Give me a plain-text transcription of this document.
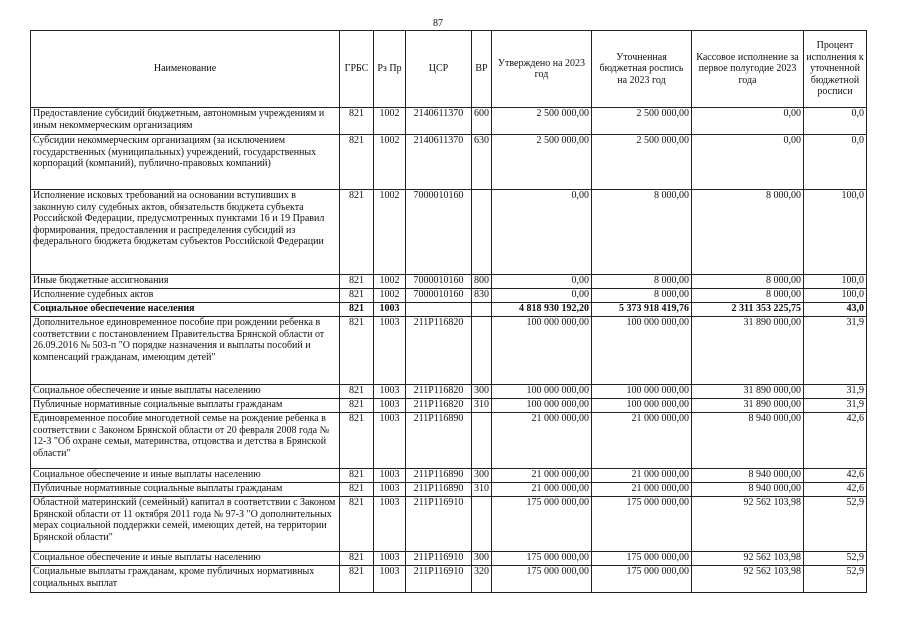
87
Наименование	ГРБС	Рз Пр	ЦСР	ВР	Утверждено на 2023 год	Уточненная бюджетная роспись на 2023 год	Кассовое исполнение за первое полугодие 2023 года	Процент исполнения к уточненной бюджетной росписи
Предоставление субсидий бюджетным, автономным учреждениям и иным некоммерческим организациям	821	1002	2140611370	600	2 500 000,00	2 500 000,00	0,00	0,0
Субсидии некоммерческим организациям (за исключением государственных (муниципальных) учреждений, государственных корпораций (компаний), публично-правовых компаний)	821	1002	2140611370	630	2 500 000,00	2 500 000,00	0,00	0,0
Исполнение исковых требований на основании вступивших в законную силу судебных актов, обязательств бюджета субъекта Российской Федерации, предусмотренных пунктами 16 и 19 Правил формирования, предоставления и распределения субсидий из федерального бюджета бюджетам субъектов Российской Федерации	821	1002	7000010160		0,00	8 000,00	8 000,00	100,0
Иные бюджетные ассигнования	821	1002	7000010160	800	0,00	8 000,00	8 000,00	100,0
Исполнение судебных актов	821	1002	7000010160	830	0,00	8 000,00	8 000,00	100,0
Социальное обеспечение населения	821	1003			4 818 930 192,20	5 373 918 419,76	2 311 353 225,75	43,0
Дополнительное единовременное пособие при рождении ребенка в соответствии с постановлением Правительства Брянской области от 26.09.2016 № 503-п "О порядке назначения и выплаты пособий и компенсаций гражданам, имеющим детей"	821	1003	211P116820		100 000 000,00	100 000 000,00	31 890 000,00	31,9
Социальное обеспечение и иные выплаты населению	821	1003	211P116820	300	100 000 000,00	100 000 000,00	31 890 000,00	31,9
Публичные нормативные социальные выплаты гражданам	821	1003	211P116820	310	100 000 000,00	100 000 000,00	31 890 000,00	31,9
Единовременное пособие многодетной семье на рождение ребенка в соответствии с Законом Брянской области от 20 февраля 2008 года № 12-З "Об охране семьи, материнства, отцовства и детства в Брянской области"	821	1003	211P116890		21 000 000,00	21 000 000,00	8 940 000,00	42,6
Социальное обеспечение и иные выплаты населению	821	1003	211P116890	300	21 000 000,00	21 000 000,00	8 940 000,00	42,6
Публичные нормативные социальные выплаты гражданам	821	1003	211P116890	310	21 000 000,00	21 000 000,00	8 940 000,00	42,6
Областной материнский (семейный) капитал в соответствии с Законом Брянской области от 11 октября 2011 года № 97-З "О дополнительных мерах социальной поддержки семей, имеющих детей, на территории Брянской области"	821	1003	211P116910		175 000 000,00	175 000 000,00	92 562 103,98	52,9
Социальное обеспечение и иные выплаты населению	821	1003	211P116910	300	175 000 000,00	175 000 000,00	92 562 103,98	52,9
Социальные выплаты гражданам, кроме публичных нормативных социальных выплат	821	1003	211P116910	320	175 000 000,00	175 000 000,00	92 562 103,98	52,9
